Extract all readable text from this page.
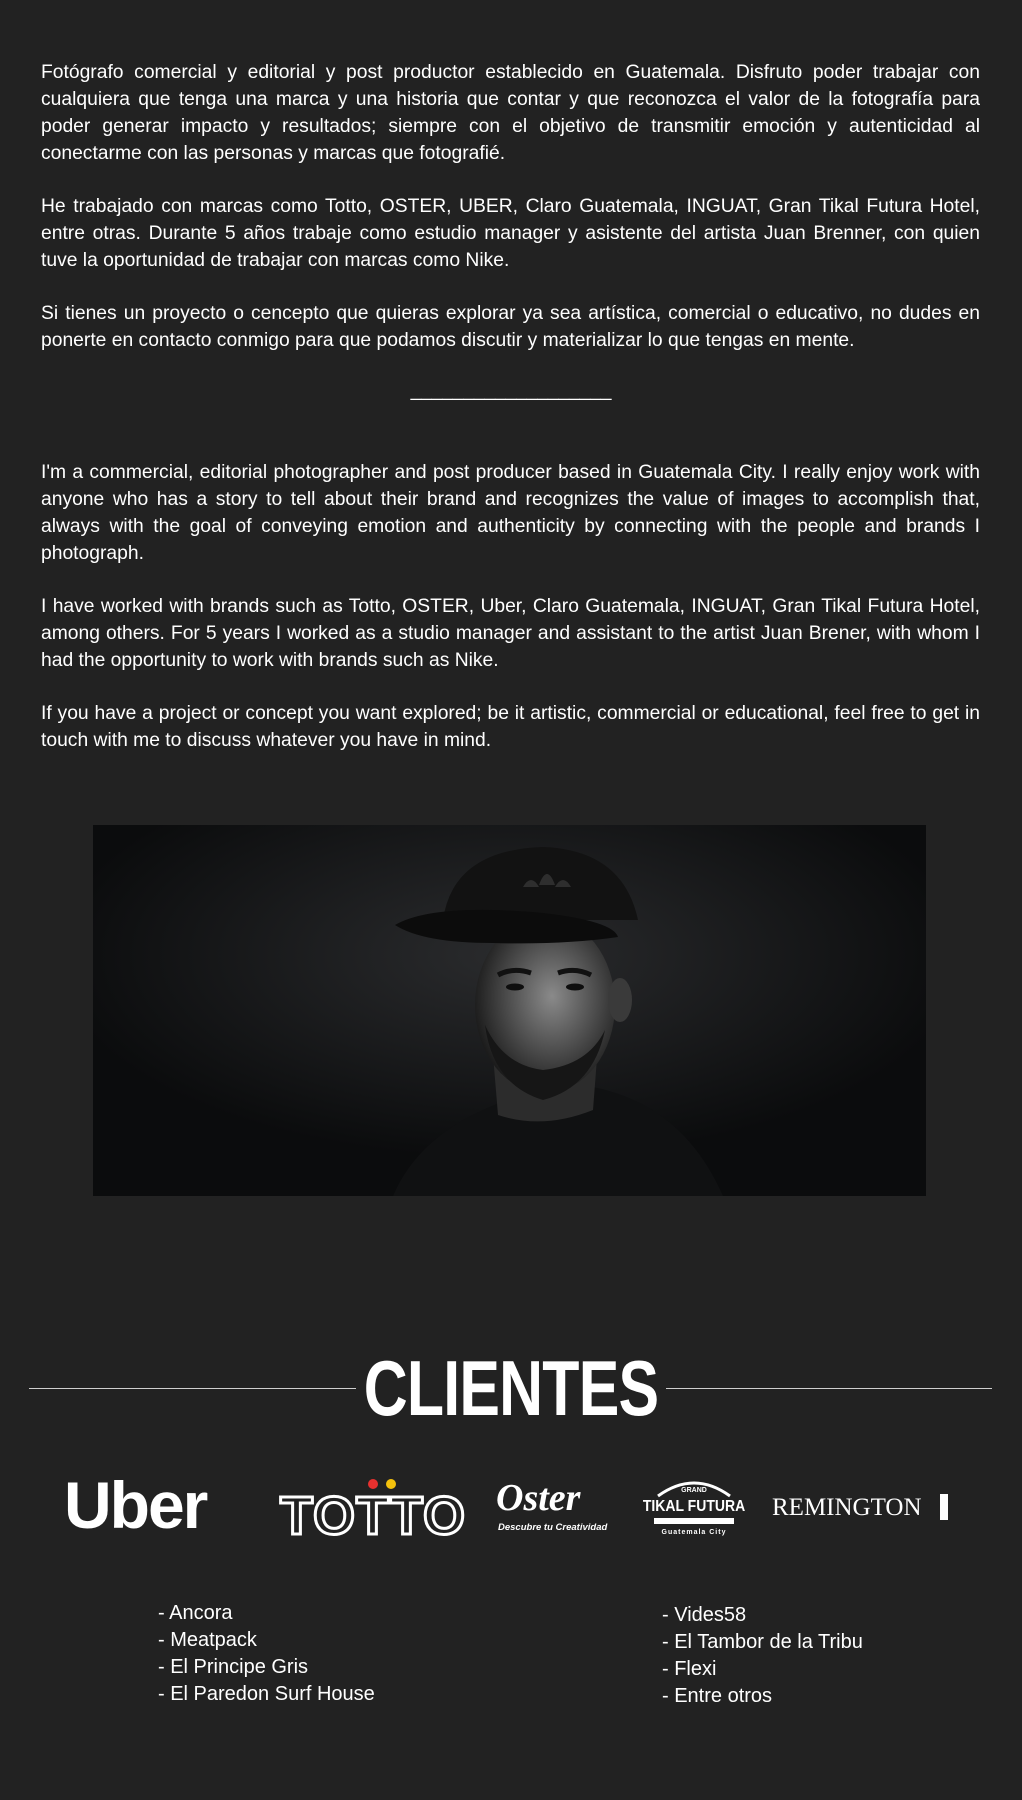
Fotógrafo comercial y editorial y post productor establecido en Guatemala. Disfruto poder trabajar con cualquiera que tenga una marca y una historia que contar y que reconozca el valor de la fotografía para poder generar impacto y resultados; siempre con el objetivo de transmitir emoción y autenticidad al conectarme con las personas y marcas que fotografié.

He trabajado con marcas como Totto, OSTER, UBER, Claro Guatemala, INGUAT, Gran Tikal Futura Hotel, entre otras. Durante 5 años trabaje como estudio manager y asistente del artista Juan Brenner, con quien tuve la oportunidad de trabajar con marcas como Nike.

Si tienes un proyecto o cencepto que quieras explorar ya sea artística, comercial o educativo, no dudes en ponerte en contacto conmigo para que podamos discutir y materializar lo que tengas en mente.

___________________

I'm a commercial, editorial photographer and post producer based in Guatemala City. I really enjoy work with anyone who has a story to tell about their brand and recognizes the value of images to accomplish that, always with the goal of conveying emotion and authenticity by connecting with the people and brands I photograph.

I have worked with brands such as Totto, OSTER, Uber, Claro Guatemala, INGUAT, Gran Tikal Futura Hotel, among others. For 5 years I worked as a studio manager and assistant to the artist Juan Brener, with whom I had the opportunity to work with brands such as Nike.

If you have a project or concept you want explored; be it artistic, commercial or educational, feel free to get in touch with me to discuss whatever you have in mind.

CLIENTES
Uber TOTTO Oster
Descubre tu Creatividad
GRAND
TIKAL FUTURA
Guatemala City
REMINGTON
- Ancora
- Meatpack
- El Principe Gris
- El Paredon Surf House
- Vides58
- El Tambor de la Tribu
- Flexi
- Entre otros
